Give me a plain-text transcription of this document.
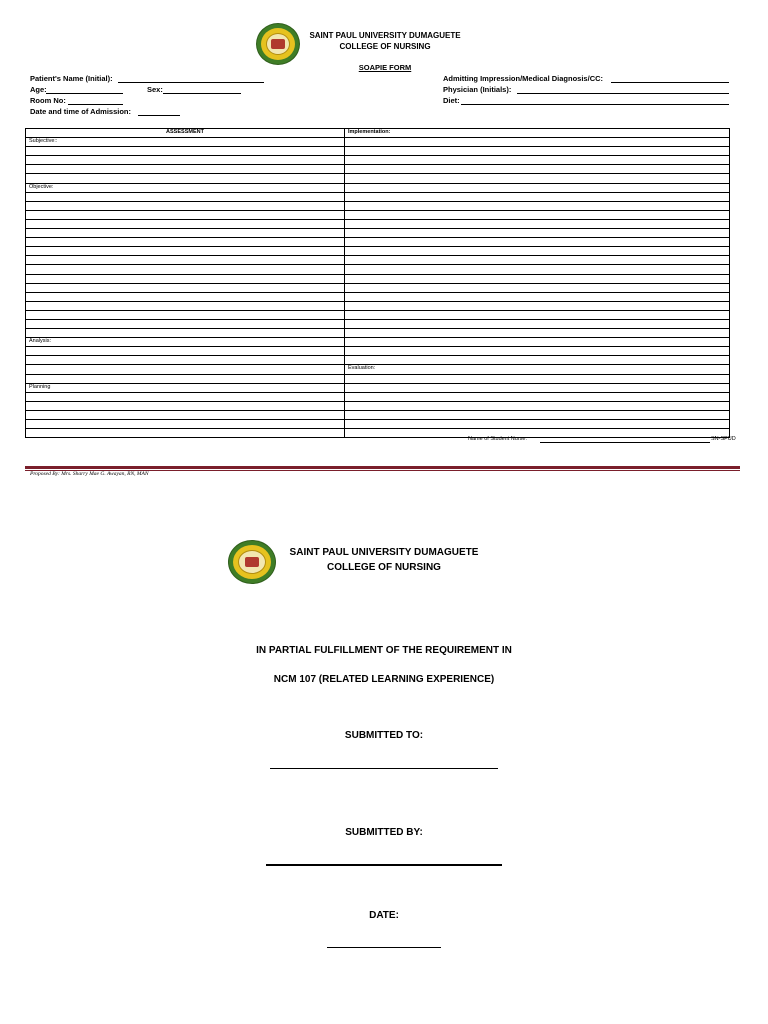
SAINT PAUL UNIVERSITY DUMAGUETE
COLLEGE OF NURSING
SOAPIE FORM
Patient's Name (Initial):
Age:	Sex:
Room No:
Date and time of Admission:
Admitting Impression/Medical Diagnosis/CC:
Physician (Initials):
Diet:
ASSESSMENT	Implementation:
Subjective::	

Objective:	

Analysis:	

	Evaluation:

Planning	

Name of Student Nurse:	SN-SPUD
Proposed By: Mrs. Sharry Mae G. Awayan, RN, MAN
SAINT PAUL UNIVERSITY DUMAGUETE
COLLEGE OF NURSING
IN PARTIAL FULFILLMENT OF THE REQUIREMENT IN
NCM 107 (RELATED LEARNING EXPERIENCE)
SUBMITTED TO:
SUBMITTED BY:
DATE:
